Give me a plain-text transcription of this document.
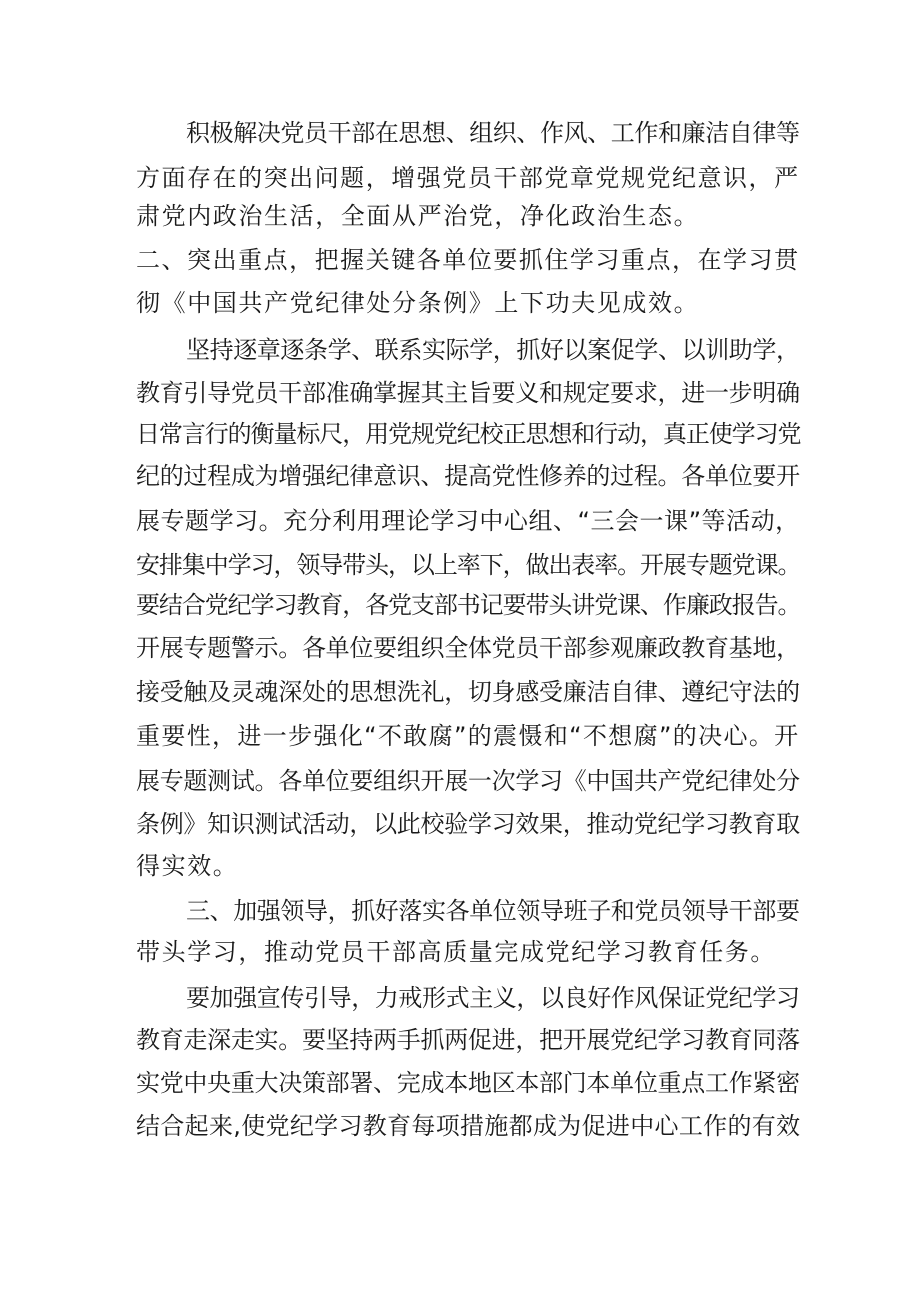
积极解决党员干部在思想、组织、作风、工作和廉洁自律等
方面存在的突出问题，增强党员干部党章党规党纪意识，严
肃党内政治生活，全面从严治党，净化政治生态。
二、突出重点，把握关键各单位要抓住学习重点，在学习贯
彻《中国共产党纪律处分条例》上下功夫见成效。
坚持逐章逐条学、联系实际学，抓好以案促学、以训助学，
教育引导党员干部准确掌握其主旨要义和规定要求，进一步明确
日常言行的衡量标尺，用党规党纪校正思想和行动，真正使学习党
纪的过程成为增强纪律意识、提高党性修养的过程。各单位要开
展专题学习。充分利用理论学习中心组、“三会一课”等活动，
安排集中学习，领导带头，以上率下，做出表率。开展专题党课。
要结合党纪学习教育，各党支部书记要带头讲党课、作廉政报告。
开展专题警示。各单位要组织全体党员干部参观廉政教育基地，
接受触及灵魂深处的思想洗礼，切身感受廉洁自律、遵纪守法的
重要性，进一步强化“不敢腐”的震慑和“不想腐”的决心。开
展专题测试。各单位要组织开展一次学习《中国共产党纪律处分
条例》知识测试活动，以此校验学习效果，推动党纪学习教育取
得实效。
三、加强领导，抓好落实各单位领导班子和党员领导干部要
带头学习，推动党员干部高质量完成党纪学习教育任务。
要加强宣传引导，力戒形式主义，以良好作风保证党纪学习
教育走深走实。要坚持两手抓两促进，把开展党纪学习教育同落
实党中央重大决策部署、完成本地区本部门本单位重点工作紧密
结合起来,使党纪学习教育每项措施都成为促进中心工作的有效
